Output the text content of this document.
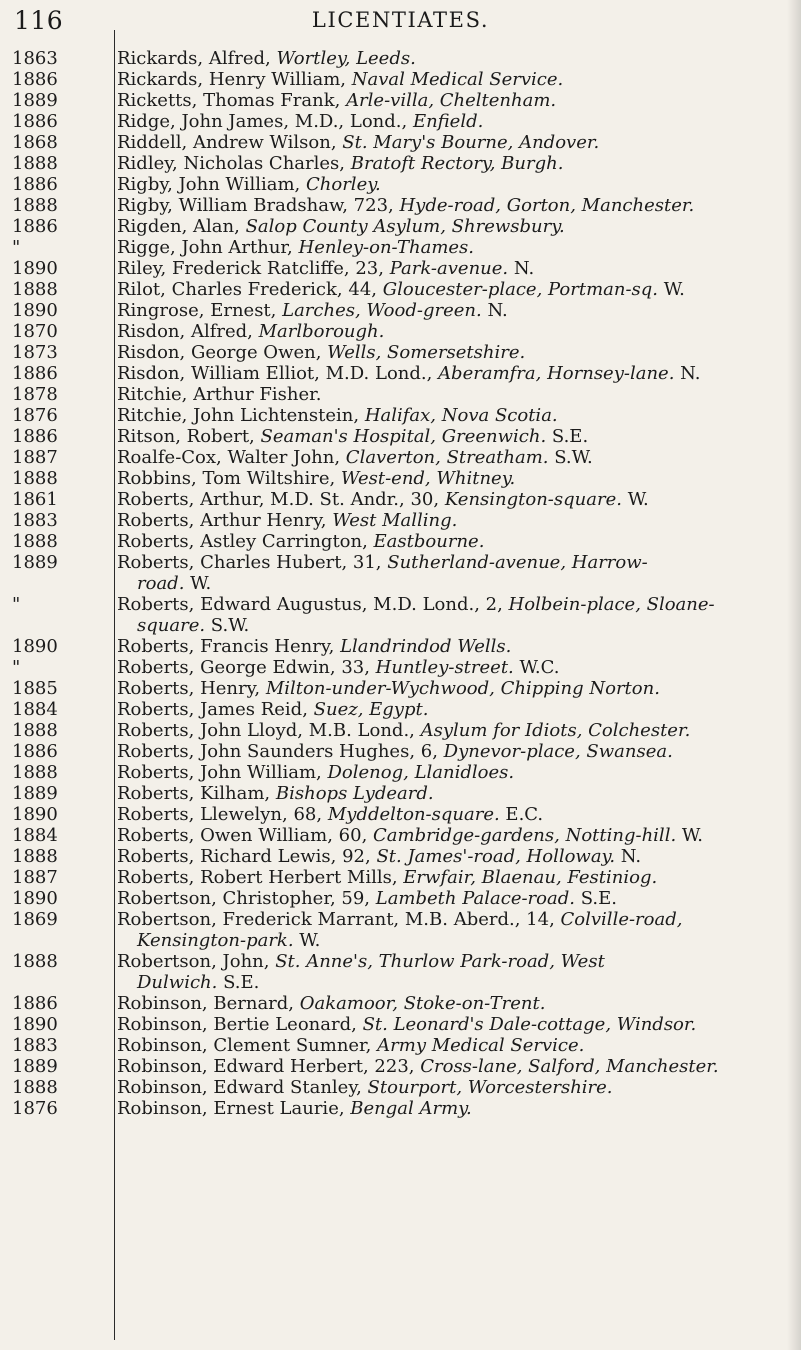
116	LICENTIATES.
1863	Rickards, Alfred, Wortley, Leeds.
1886	Rickards, Henry William, Naval Medical Service.
1889	Ricketts, Thomas Frank, Arle-villa, Cheltenham.
1886	Ridge, John James, M.D., Lond., Enfield.
1868	Riddell, Andrew Wilson, St. Mary's Bourne, Andover.
1888	Ridley, Nicholas Charles, Bratoft Rectory, Burgh.
1886	Rigby, John William, Chorley.
1888	Rigby, William Bradshaw, 723, Hyde-road, Gorton, Manchester.
1886	Rigden, Alan, Salop County Asylum, Shrewsbury.
"	Rigge, John Arthur, Henley-on-Thames.
1890	Riley, Frederick Ratcliffe, 23, Park-avenue. N.
1888	Rilot, Charles Frederick, 44, Gloucester-place, Portman-sq. W.
1890	Ringrose, Ernest, Larches, Wood-green. N.
1870	Risdon, Alfred, Marlborough.
1873	Risdon, George Owen, Wells, Somersetshire.
1886	Risdon, William Elliot, M.D. Lond., Aberamfra, Hornsey-lane. N.
1878	Ritchie, Arthur Fisher.
1876	Ritchie, John Lichtenstein, Halifax, Nova Scotia.
1886	Ritson, Robert, Seaman's Hospital, Greenwich. S.E.
1887	Roalfe-Cox, Walter John, Claverton, Streatham. S.W.
1888	Robbins, Tom Wiltshire, West-end, Whitney.
1861	Roberts, Arthur, M.D. St. Andr., 30, Kensington-square. W.
1883	Roberts, Arthur Henry, West Malling.
1888	Roberts, Astley Carrington, Eastbourne.
1889	Roberts, Charles Hubert, 31, Sutherland-avenue, Harrow-
road. W.
"	Roberts, Edward Augustus, M.D. Lond., 2, Holbein-place, Sloane-
square. S.W.
1890	Roberts, Francis Henry, Llandrindod Wells.
"	Roberts, George Edwin, 33, Huntley-street. W.C.
1885	Roberts, Henry, Milton-under-Wychwood, Chipping Norton.
1884	Roberts, James Reid, Suez, Egypt.
1888	Roberts, John Lloyd, M.B. Lond., Asylum for Idiots, Colchester.
1886	Roberts, John Saunders Hughes, 6, Dynevor-place, Swansea.
1888	Roberts, John William, Dolenog, Llanidloes.
1889	Roberts, Kilham, Bishops Lydeard.
1890	Roberts, Llewelyn, 68, Myddelton-square. E.C.
1884	Roberts, Owen William, 60, Cambridge-gardens, Notting-hill. W.
1888	Roberts, Richard Lewis, 92, St. James'-road, Holloway. N.
1887	Roberts, Robert Herbert Mills, Erwfair, Blaenau, Festiniog.
1890	Robertson, Christopher, 59, Lambeth Palace-road. S.E.
1869	Robertson, Frederick Marrant, M.B. Aberd., 14, Colville-road,
Kensington-park. W.
1888	Robertson, John, St. Anne's, Thurlow Park-road, West
Dulwich. S.E.
1886	Robinson, Bernard, Oakamoor, Stoke-on-Trent.
1890	Robinson, Bertie Leonard, St. Leonard's Dale-cottage, Windsor.
1883	Robinson, Clement Sumner, Army Medical Service.
1889	Robinson, Edward Herbert, 223, Cross-lane, Salford, Manchester.
1888	Robinson, Edward Stanley, Stourport, Worcestershire.
1876	Robinson, Ernest Laurie, Bengal Army.
